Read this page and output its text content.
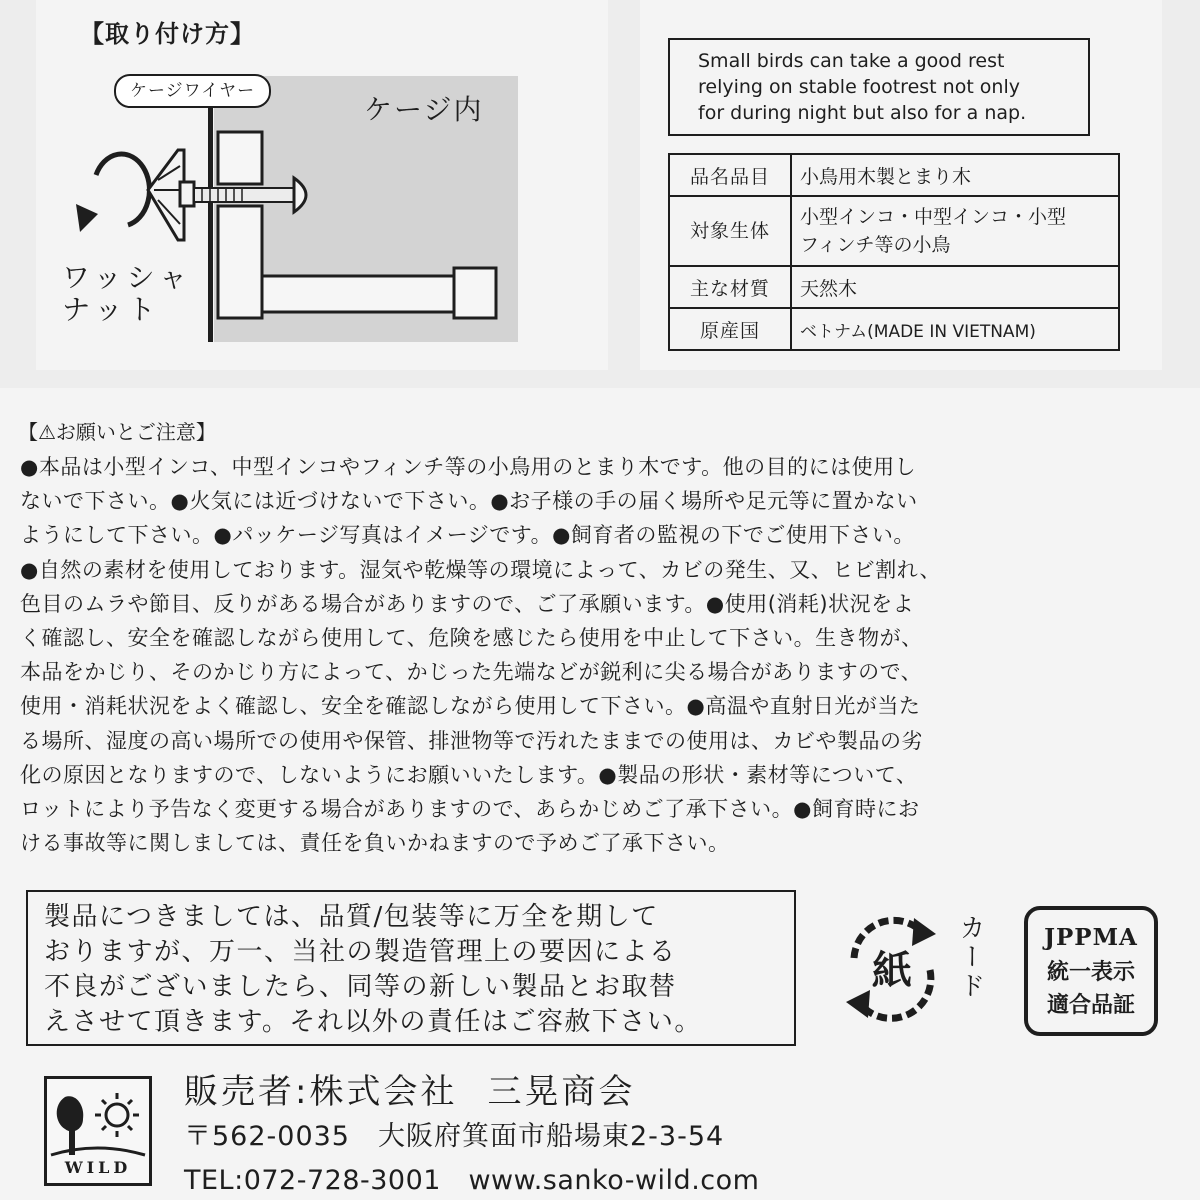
【取り付け方】
ケージワイヤー
ケージ内
ワッシャ
ナット
Small birds can take a good rest
relying on stable footrest not only
for during night but also for a nap.
品名品目	小鳥用木製とまり木
対象生体	小型インコ・中型インコ・小型
フィンチ等の小鳥
主な材質	天然木
原産国	ベトナム(MADE IN VIETNAM)
【⚠お願いとご注意】
●本品は小型インコ、中型インコやフィンチ等の小鳥用のとまり木です。他の目的には使用し
ないで下さい。●火気には近づけないで下さい。●お子様の手の届く場所や足元等に置かない
ようにして下さい。●パッケージ写真はイメージです。●飼育者の監視の下でご使用下さい。
●自然の素材を使用しております。湿気や乾燥等の環境によって、カビの発生、又、ヒビ割れ、
色目のムラや節目、反りがある場合がありますので、ご了承願います。●使用(消耗)状況をよ
く確認し、安全を確認しながら使用して、危険を感じたら使用を中止して下さい。生き物が、
本品をかじり、そのかじり方によって、かじった先端などが鋭利に尖る場合がありますので、
使用・消耗状況をよく確認し、安全を確認しながら使用して下さい。●高温や直射日光が当た
る場所、湿度の高い場所での使用や保管、排泄物等で汚れたままでの使用は、カビや製品の劣
化の原因となりますので、しないようにお願いいたします。●製品の形状・素材等について、
ロットにより予告なく変更する場合がありますので、あらかじめご了承下さい。●飼育時にお
ける事故等に関しましては、責任を負いかねますので予めご了承下さい。
製品につきましては、品質/包装等に万全を期して
おりますが、万一、当社の製造管理上の要因による
不良がございましたら、同等の新しい製品とお取替
えさせて頂きます。それ以外の責任はご容赦下さい。
紙 カード	JPPMA
統一表示
適合品証
WILD
販売者:株式会社 三晃商会
〒562-0035　大阪府箕面市船場東2-3-54
TEL:072-728-3001　www.sanko-wild.com
